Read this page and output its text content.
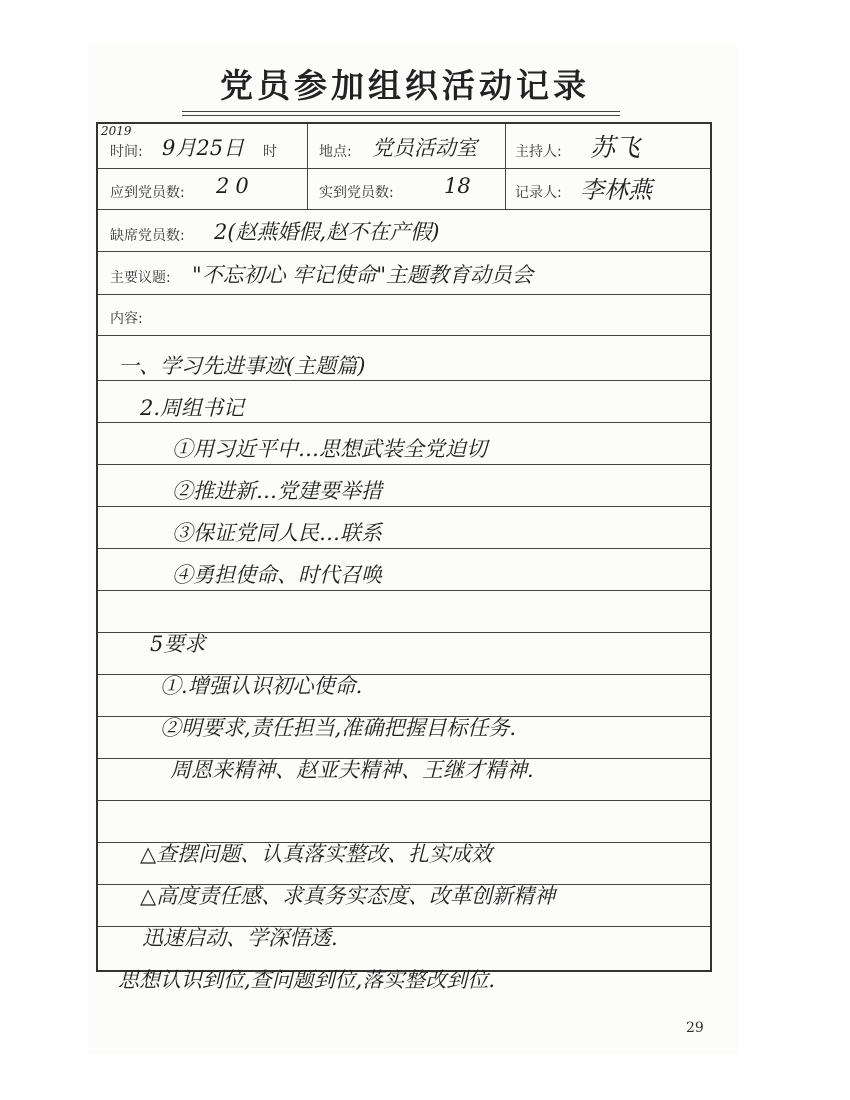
党员参加组织活动记录
2019
时间: 9月25日 时	地点: 党员活动室	主持人: 苏飞
应到党员数: 20	实到党员数: 18	记录人: 李林燕
缺席党员数: 2(赵燕婚假,赵不在产假)
主要议题: "不忘初心 牢记使命"主题教育动员会
内容:
一、学习先进事迹(主题篇)
2.周组书记
①用习近平中…思想武装全党迫切
②推进新…党建要举措
③保证党同人民…联系
④勇担使命、时代召唤
5要求
①.增强认识初心使命.
②明要求,责任担当,准确把握目标任务.
周恩来精神、赵亚夫精神、王继才精神.
△查摆问题、认真落实整改、扎实成效
△高度责任感、求真务实态度、改革创新精神
迅速启动、学深悟透.
思想认识到位,查问题到位,落实整改到位.
29
